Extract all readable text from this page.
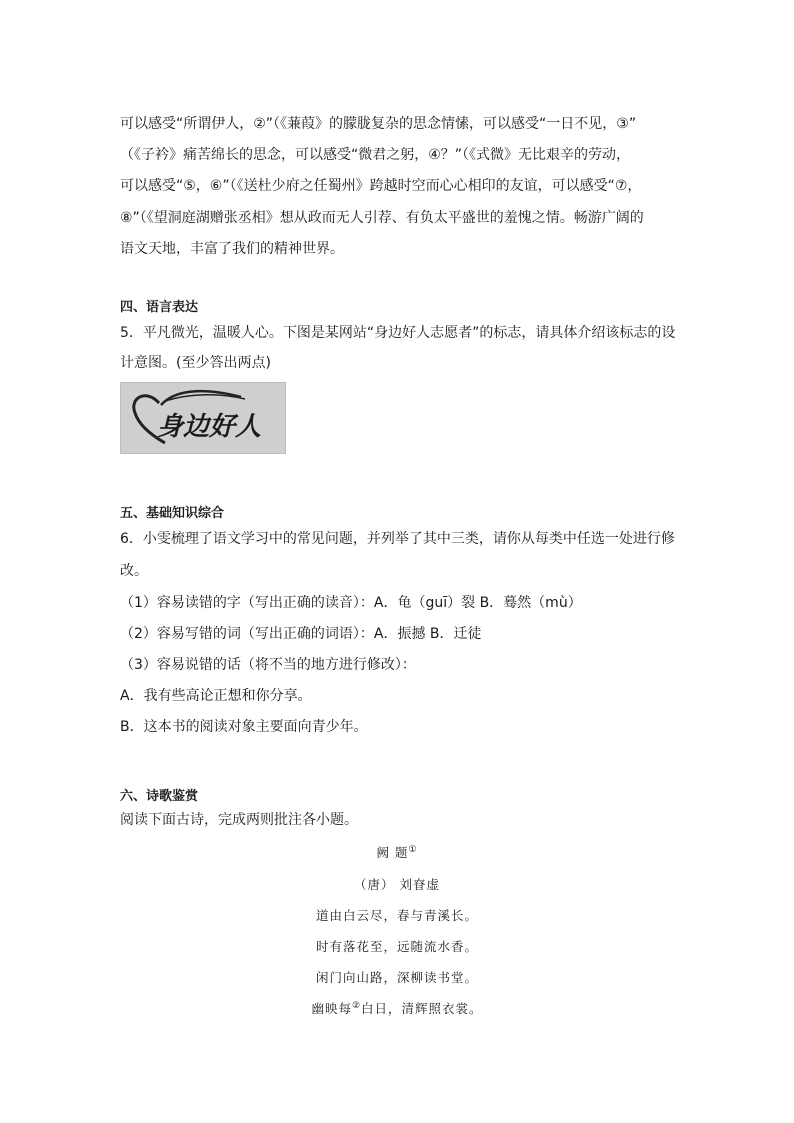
可以感受“所谓伊人，②”（《蒹葭》的朦胧复杂的思念情愫，可以感受“一日不见，③”
（《子衿》痛苦绵长的思念，可以感受“微君之躬，④？”（《式微》无比艰辛的劳动，
可以感受“⑤，⑥”（《送杜少府之任蜀州》跨越时空而心心相印的友谊，可以感受“⑦，
⑧”（《望洞庭湖赠张丞相》想从政而无人引荐、有负太平盛世的羞愧之情。畅游广阔的
语文天地，丰富了我们的精神世界。

四、语言表达

5．平凡微光，温暖人心。下图是某网站“身边好人志愿者”的标志，请具体介绍该标志的设

计意图。(至少答出两点)

身边好人

五、基础知识综合

6．小雯梳理了语文学习中的常见问题，并列举了其中三类，请你从每类中任选一处进行修

改。

（1）容易读错的字（写出正确的读音）：A．龟（guī）裂 B．蓦然（mù）

（2）容易写错的词（写出正确的词语）：A．振撼 B．迁徒

（3）容易说错的话（将不当的地方进行修改）：

A．我有些高论正想和你分享。

B．这本书的阅读对象主要面向青少年。

六、诗歌鉴赏

阅读下面古诗，完成两则批注各小题。

阙 题①
（唐） 刘眘虚
道由白云尽，春与青溪长。
时有落花至，远随流水香。
闲门向山路，深柳读书堂。
幽映每②白日，清辉照衣裳。
